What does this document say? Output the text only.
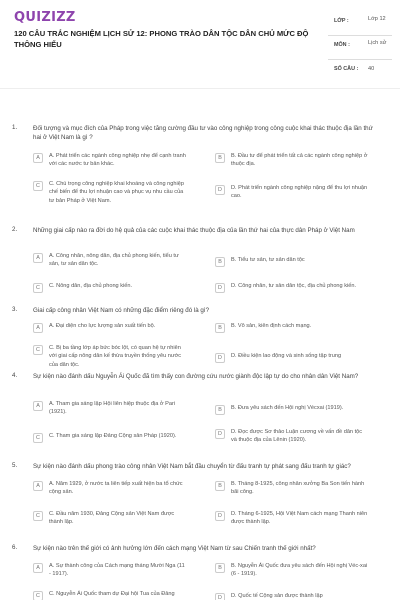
QUIZIZZ
120 CÂU TRẮC NGHIỆM LỊCH SỬ 12: PHONG TRÀO DÂN TỘC DÂN CHỦ MỨC ĐỘ THÔNG HIỂU
LỚP :	Lớp 12
MÔN :	Lịch sử
SỐ CÂU : 40
1.	Đối tượng và mục đích của Pháp trong việc tăng cường đầu tư vào công nghiệp trong công cuộc khai thác thuộc địa lần thứ hai ở Việt Nam là gì ?
A	A. Phát triển các ngành công nghiệp nhẹ để cạnh tranh với các nước tư bản khác.
B	B. Đầu tư để phát triển tất cả các ngành công nghiệp ở thuộc địa.
C	C. Chú trọng công nghiệp khai khoáng và công nghiệp chế biến để thu lợi nhuận cao và phục vụ nhu cầu của tư bản Pháp ở Việt Nam.
D	D. Phát triển ngành công nghiệp nặng để thu lợi nhuận cao.
2.	Những giai cấp nào ra đời do hệ quả của các cuộc khai thác thuộc địa của lần thứ hai của thực dân Pháp ở Việt Nam
A	A. Công nhân, nông dân, địa chủ phong kiến, tiểu tư sản, tư sản dân tộc.	B	B. Tiểu tư sản, tư sản dân tộc
C	C. Nông dân, địa chủ phong kiến.	D	D. Công nhân, tư sản dân tộc, địa chủ phong kiến.
3.	Giai cấp công nhân Việt Nam có những đặc điểm riêng đó là gì?
A	A. Đại diện cho lực lượng sản xuất tiến bộ.	B	B. Vô sản, kiên định cách mạng.
C	C. Bị ba tầng lớp áp bức bóc lột, có quan hệ tự nhiên với giai cấp nông dân kế thừa truyền thống yêu nước của dân tộc.
D	D. Điều kiện lao động và sinh sống tập trung
4.	Sự kiện nào đánh dấu Nguyễn Ái Quốc đã tìm thấy con đường cứu nước giành độc lập tự do cho nhân dân Việt Nam?
A	A. Tham gia sáng lập Hội liên hiệp thuộc địa ở Pari (1921).	B	B. Đưa yêu sách đến Hội nghị Vécxai (1919).
C	C. Tham gia sáng lập Đảng Cộng sản Pháp (1920).	D	D. Đọc được Sơ thảo Luận cương về vấn đề dân tộc và thuộc địa của Lênin (1920).
5.	Sự kiện nào đánh dấu phong trào công nhân Việt Nam bắt đầu chuyển từ đấu tranh tự phát sang đấu tranh tự giác?
A	A. Năm 1929, ở nước ta liên tiếp xuất hiện ba tổ chức cộng sản.
B	B. Tháng 8-1925, công nhân xưởng Ba Son tiến hành bãi công.
C	C. Đầu năm 1930, Đảng Cộng sản Việt Nam được thành lập.
D	D. Tháng 6-1925, Hội Việt Nam cách mạng Thanh niên được thành lập.
6.	Sự kiện nào trên thế giới có ảnh hưởng lớn đến cách mạng Việt Nam từ sau Chiến tranh thế giới nhất?
A	A. Sự thành công của Cách mạng tháng Mười Nga (11 - 1917).
B	B. Nguyễn Ái Quốc đưa yêu sách đến Hội nghị Véc-xai (6 - 1919).
C	C. Nguyễn Ái Quốc tham dự Đại hội Tua của Đảng
D	D. Quốc tế Cộng sản được thành lập
